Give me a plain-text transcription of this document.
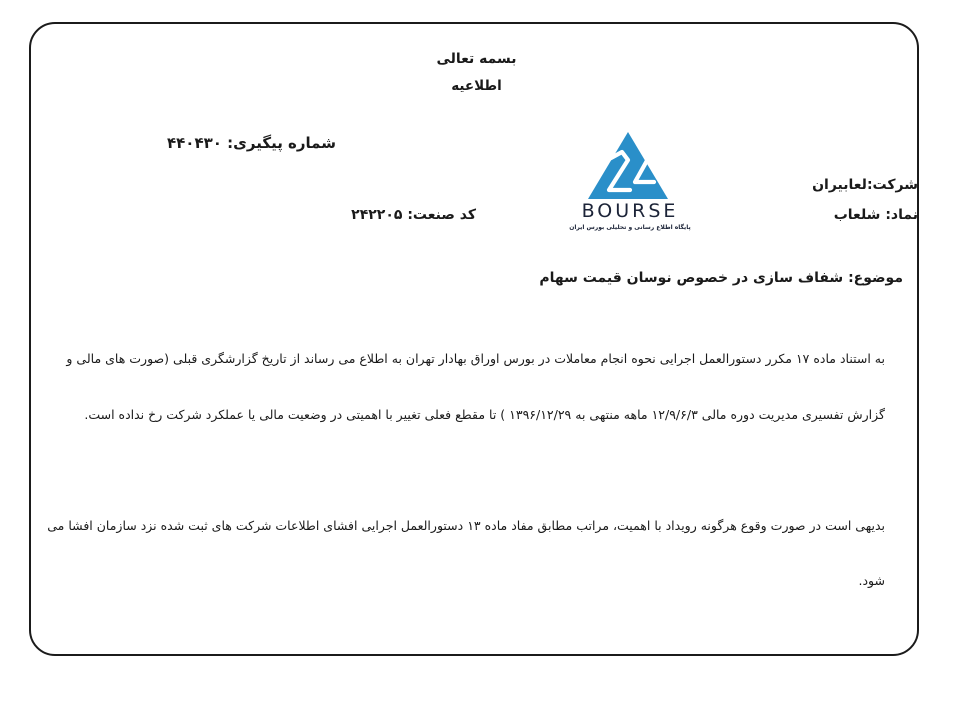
بسمه تعالی
اطلاعیه
شماره پیگیری: ۴۴۰۴۳۰
کد صنعت: ۲۴۲۲۰۵
شرکت:لعابیران
نماد: شلعاب
BOURSE
پایگاه اطلاع رسانی و تحلیلی بورس ایران
موضوع: شفاف سازی در خصوص نوسان قیمت سهام
به استناد ماده ۱۷ مکرر دستورالعمل اجرایی نحوه انجام معاملات در بورس اوراق بهادار تهران به اطلاع می رساند از تاریخ گزارشگری قبلی (صورت های مالی و
گزارش تفسیری مدیریت دوره مالی ۱۲/۹/۶/۳ ماهه منتهی به ۱۳۹۶/۱۲/۲۹ ) تا مقطع فعلی تغییر با اهمیتی در وضعیت مالی یا عملکرد شرکت رخ نداده است.
بدیهی است در صورت وقوع هرگونه رویداد با اهمیت، مراتب مطابق مفاد ماده ۱۳ دستورالعمل اجرایی افشای اطلاعات شرکت های ثبت شده نزد سازمان افشا می
شود.
